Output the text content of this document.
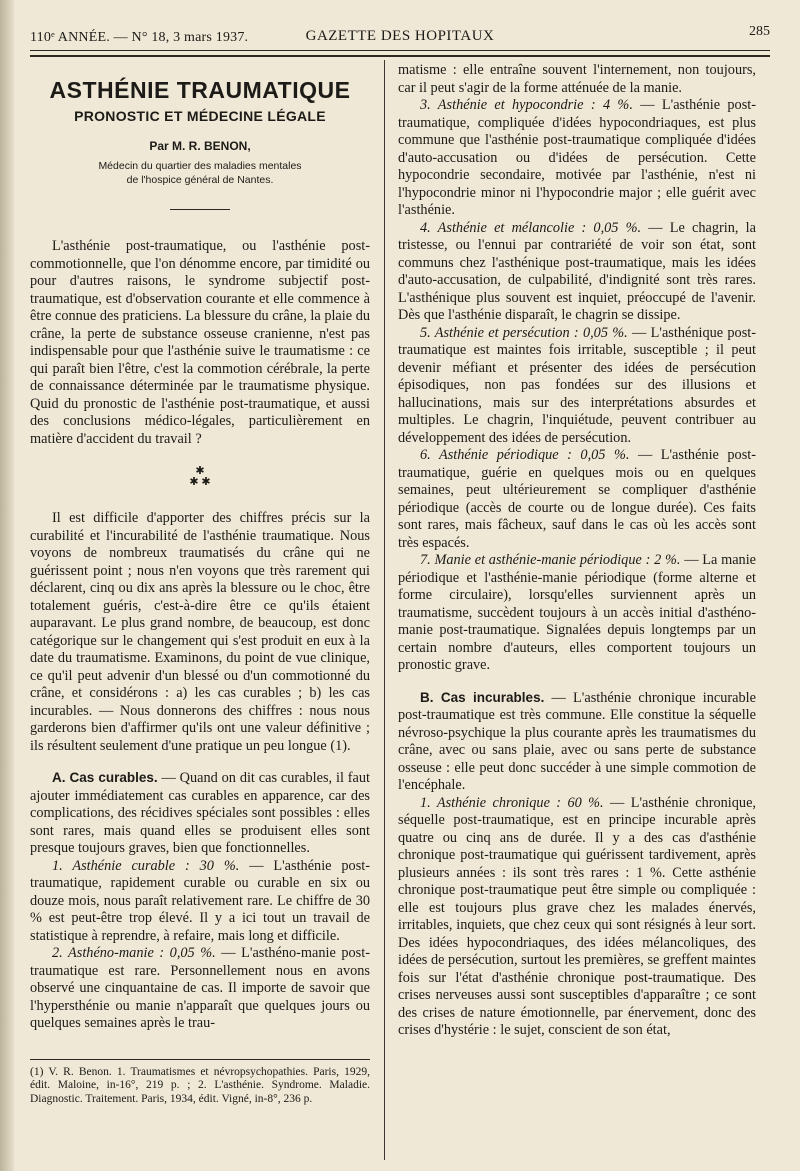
110ᵉ ANNÉE. — N° 18, 3 mars 1937.	GAZETTE DES HOPITAUX	285
ASTHÉNIE TRAUMATIQUE
PRONOSTIC ET MÉDECINE LÉGALE
Par M. R. BENON,
Médecin du quartier des maladies mentales
de l'hospice général de Nantes.

L'asthénie post-traumatique, ou l'asthénie post-commotionnelle, que l'on dénomme encore, par timidité ou pour d'autres raisons, le syndrome subjectif post-traumatique, est d'observation courante et elle commence à être connue des praticiens. La blessure du crâne, la plaie du crâne, la perte de substance osseuse cranienne, n'est pas indispensable pour que l'asthénie suive le traumatisme : ce qui paraît bien l'être, c'est la commotion cérébrale, la perte de connaissance déterminée par le traumatisme physique. Quid du pronostic de l'asthénie post-traumatique, et aussi des conclusions médico-légales, particulièrement en matière d'accident du travail ?

✱
✱ ✱

Il est difficile d'apporter des chiffres précis sur la curabilité et l'incurabilité de l'asthénie traumatique. Nous voyons de nombreux traumatisés du crâne qui ne guérissent point ; nous n'en voyons que très rarement qui déclarent, cinq ou dix ans après la blessure ou le choc, être totalement guéris, c'est-à-dire être ce qu'ils étaient auparavant. Le plus grand nombre, de beaucoup, est donc catégorique sur le changement qui s'est produit en eux à la date du traumatisme. Examinons, du point de vue clinique, ce qu'il peut advenir d'un blessé ou d'un commotionné du crâne, et considérons : a) les cas curables ; b) les cas incurables. — Nous donnerons des chiffres : nous nous garderons bien d'affirmer qu'ils ont une valeur définitive ; ils résultent seulement d'une pratique un peu longue (1).

A. Cas curables. — Quand on dit cas curables, il faut ajouter immédiatement cas curables en apparence, car des complications, des récidives spéciales sont possibles : elles sont rares, mais quand elles se produisent elles sont presque toujours graves, bien que fonctionnelles.

1. Asthénie curable : 30 %. — L'asthénie post-traumatique, rapidement curable ou curable en six ou douze mois, nous paraît relativement rare. Le chiffre de 30 % est peut-être trop élevé. Il y a ici tout un travail de statistique à reprendre, à refaire, mais long et difficile.

2. Asthéno-manie : 0,05 %. — L'asthéno-manie post-traumatique est rare. Personnellement nous en avons observé une cinquantaine de cas. Il importe de savoir que l'hypersthénie ou manie n'apparaît que quelques jours ou quelques semaines après le trau-

(1) V. R. Benon. 1. Traumatismes et névropsychopathies. Paris, 1929, édit. Maloine, in-16°, 219 p. ; 2. L'asthénie. Syndrome. Maladie. Diagnostic. Traitement. Paris, 1934, édit. Vigné, in-8°, 236 p.

matisme : elle entraîne souvent l'internement, non toujours, car il peut s'agir de la forme atténuée de la manie.

3. Asthénie et hypocondrie : 4 %. — L'asthénie post-traumatique, compliquée d'idées hypocondriaques, est plus commune que l'asthénie post-traumatique compliquée d'idées d'auto-accusation ou d'idées de persécution. Cette hypocondrie secondaire, motivée par l'asthénie, n'est ni l'hypocondrie minor ni l'hypocondrie major ; elle guérit avec l'asthénie.

4. Asthénie et mélancolie : 0,05 %. — Le chagrin, la tristesse, ou l'ennui par contrariété de voir son état, sont communs chez l'asthénique post-traumatique, mais les idées d'auto-accusation, de culpabilité, d'indignité sont très rares. L'asthénique plus souvent est inquiet, préoccupé de l'avenir. Dès que l'asthénie disparaît, le chagrin se dissipe.

5. Asthénie et persécution : 0,05 %. — L'asthénique post-traumatique est maintes fois irritable, susceptible ; il peut devenir méfiant et présenter des idées de persécution épisodiques, non pas fondées sur des illusions et hallucinations, mais sur des interprétations absurdes et multiples. Le chagrin, l'inquiétude, peuvent contribuer au développement des idées de persécution.

6. Asthénie périodique : 0,05 %. — L'asthénie post-traumatique, guérie en quelques mois ou en quelques semaines, peut ultérieurement se compliquer d'asthénie périodique (accès de courte ou de longue durée). Ces faits sont rares, mais fâcheux, sauf dans le cas où les accès sont très espacés.

7. Manie et asthénie-manie périodique : 2 %. — La manie périodique et l'asthénie-manie périodique (forme alterne et forme circulaire), lorsqu'elles surviennent après un traumatisme, succèdent toujours à un accès initial d'asthéno-manie post-traumatique. Signalées depuis longtemps par un certain nombre d'auteurs, elles comportent toujours un pronostic grave.

B. Cas incurables. — L'asthénie chronique incurable post-traumatique est très commune. Elle constitue la séquelle névroso-psychique la plus courante après les traumatismes du crâne, avec ou sans plaie, avec ou sans perte de substance osseuse : elle peut donc succéder à une simple commotion de l'encéphale.

1. Asthénie chronique : 60 %. — L'asthénie chronique, séquelle post-traumatique, est en principe incurable après quatre ou cinq ans de durée. Il y a des cas d'asthénie chronique post-traumatique qui guérissent tardivement, après plusieurs années : ils sont très rares : 1 %. Cette asthénie chronique post-traumatique peut être simple ou compliquée : elle est toujours plus grave chez les malades énervés, irritables, inquiets, que chez ceux qui sont résignés à leur sort. Des idées hypocondriaques, des idées mélancoliques, des idées de persécution, surtout les premières, se greffent maintes fois sur l'état d'asthénie chronique post-traumatique. Des crises nerveuses aussi sont susceptibles d'apparaître ; ce sont des crises de nature émotionnelle, par énervement, donc des crises d'hystérie : le sujet, conscient de son état,
